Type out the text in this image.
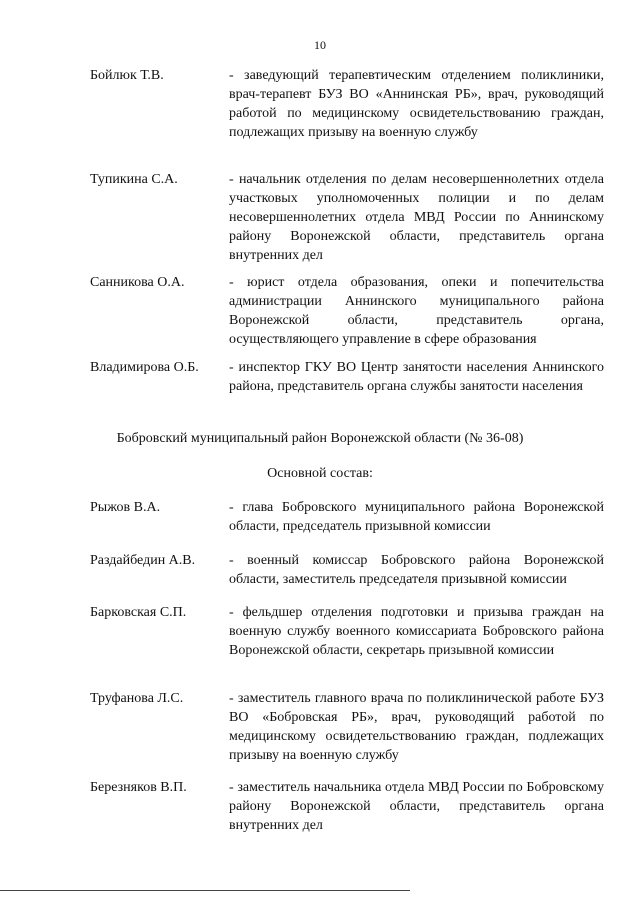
10
Бойлюк Т.В.	- заведующий терапевтическим отделением поликлиники, врач-терапевт БУЗ ВО «Аннинская РБ», врач, руководящий работой по медицинскому освидетельствованию граждан, подлежащих призыву на военную службу
Тупикина С.А.	- начальник отделения по делам несовершеннолетних отдела участковых уполномоченных полиции и по делам несовершеннолетних отдела МВД России по Аннинскому району Воронежской области, представитель органа внутренних дел
Санникова О.А.	- юрист отдела образования, опеки и попечительства администрации Аннинского муниципального района Воронежской области, представитель органа, осуществляющего управление в сфере образования
Владимирова О.Б. - инспектор ГКУ ВО Центр занятости населения Аннинского района, представитель органа службы занятости населения
Бобровский муниципальный район Воронежской области (№ 36-08)
Основной состав:
Рыжов В.А.	- глава Бобровского муниципального района Воронежской области, председатель призывной комиссии
Раздайбедин А.В. - военный комиссар Бобровского района Воронежской области, заместитель председателя призывной комиссии
Барковская С.П.	- фельдшер отделения подготовки и призыва граждан на военную службу военного комиссариата Бобровского района Воронежской области, секретарь призывной комиссии
Труфанова Л.С.	- заместитель главного врача по поликлинической работе БУЗ ВО «Бобровская РБ», врач, руководящий работой по медицинскому освидетельствованию граждан, подлежащих призыву на военную службу
Березняков В.П.	- заместитель начальника отдела МВД России по Бобровскому району Воронежской области, представитель органа внутренних дел
